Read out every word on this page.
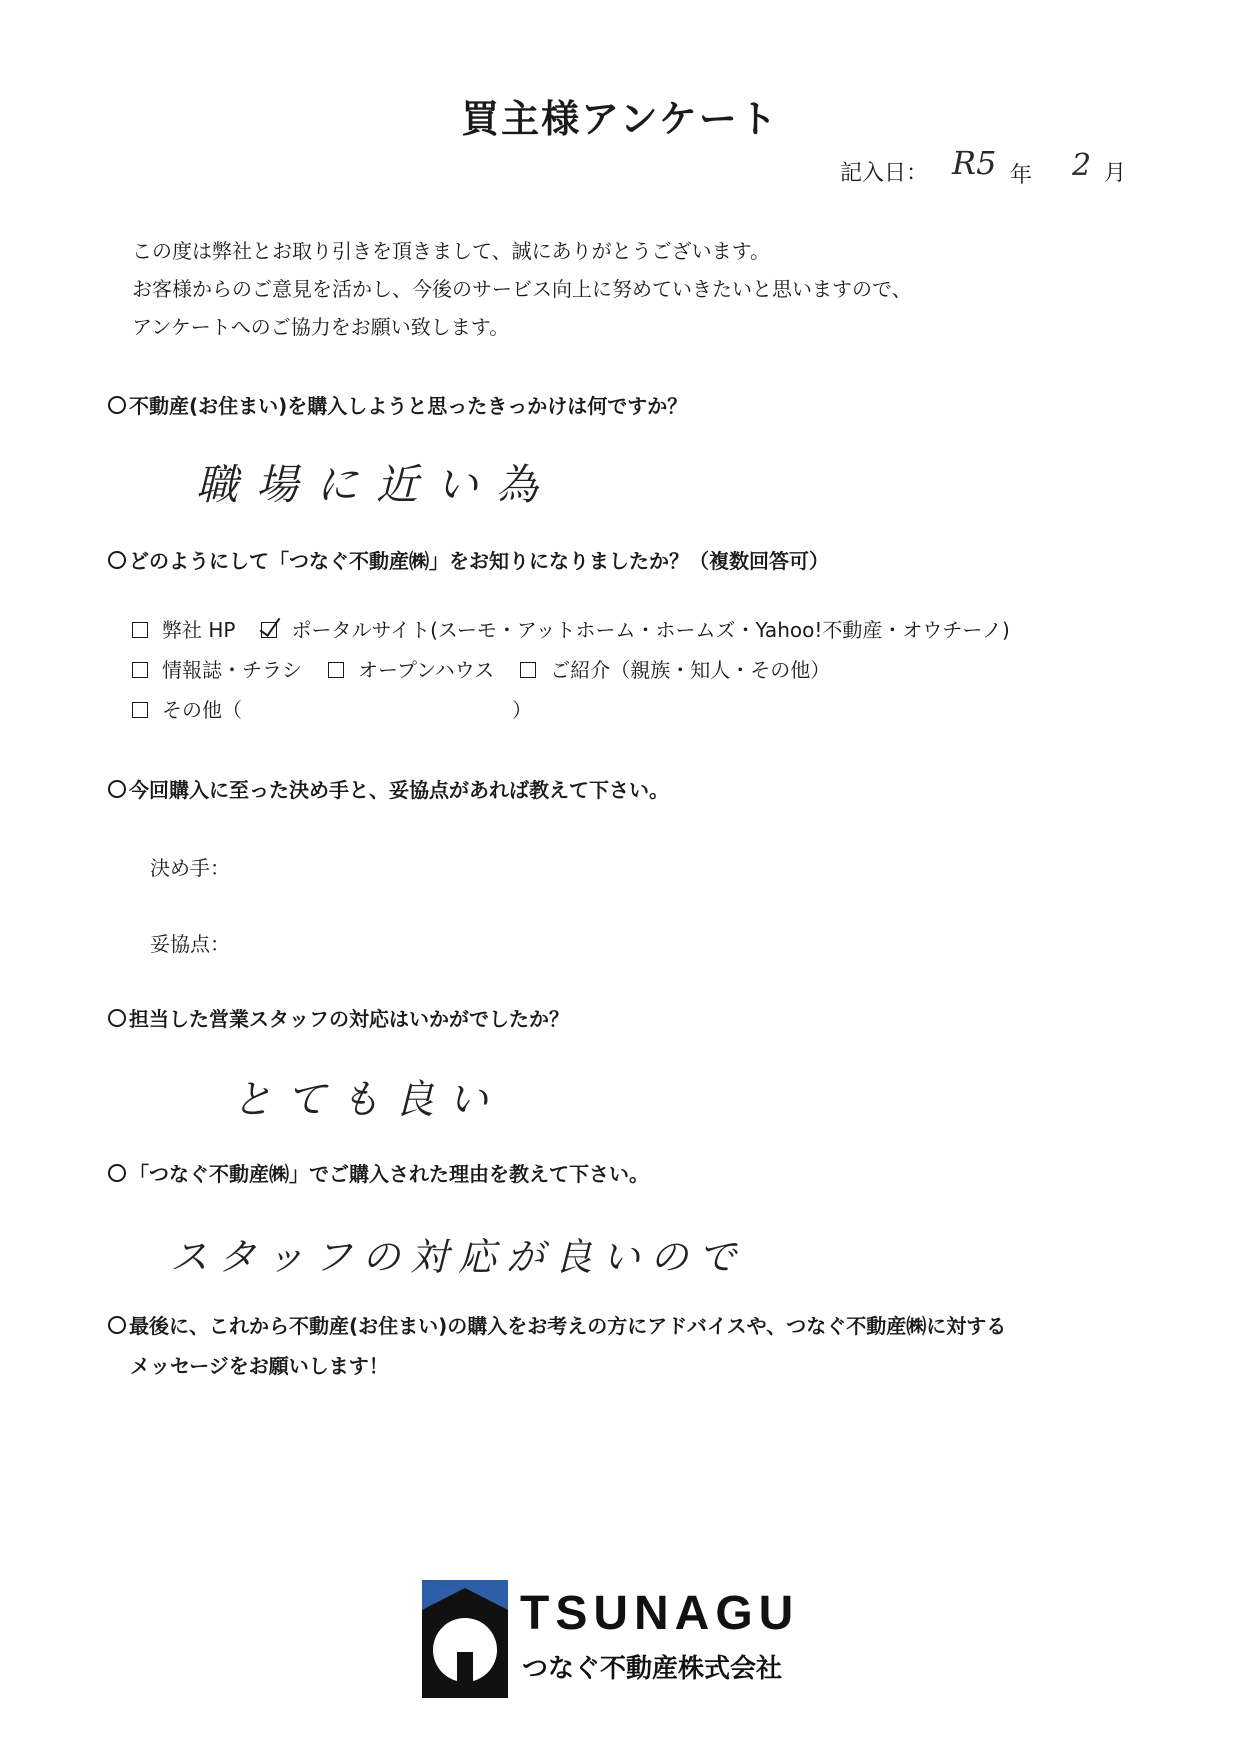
買主様アンケート
記入日： R5 年 2 月
この度は弊社とお取り引きを頂きまして、誠にありがとうございます。
お客様からのご意見を活かし、今後のサービス向上に努めていきたいと思いますので、
アンケートへのご協力をお願い致します。
不動産(お住まい)を購入しようと思ったきっかけは何ですか？
職場に近い為
どのようにして「つなぐ不動産㈱」をお知りになりましたか？（複数回答可）
弊社 HP	ポータルサイト(スーモ・アットホーム・ホームズ・Yahoo!不動産・オウチーノ)
情報誌・チラシ	オープンハウス	ご紹介（親族・知人・その他）
その他（	）
今回購入に至った決め手と、妥協点があれば教えて下さい。
決め手：
妥協点：
担当した営業スタッフの対応はいかがでしたか？
とても良い
「つなぐ不動産㈱」でご購入された理由を教えて下さい。
スタッフの対応が良いので
最後に、これから不動産(お住まい)の購入をお考えの方にアドバイスや、つなぐ不動産㈱に対する
メッセージをお願いします！
TSUNAGU
つなぐ不動産株式会社
